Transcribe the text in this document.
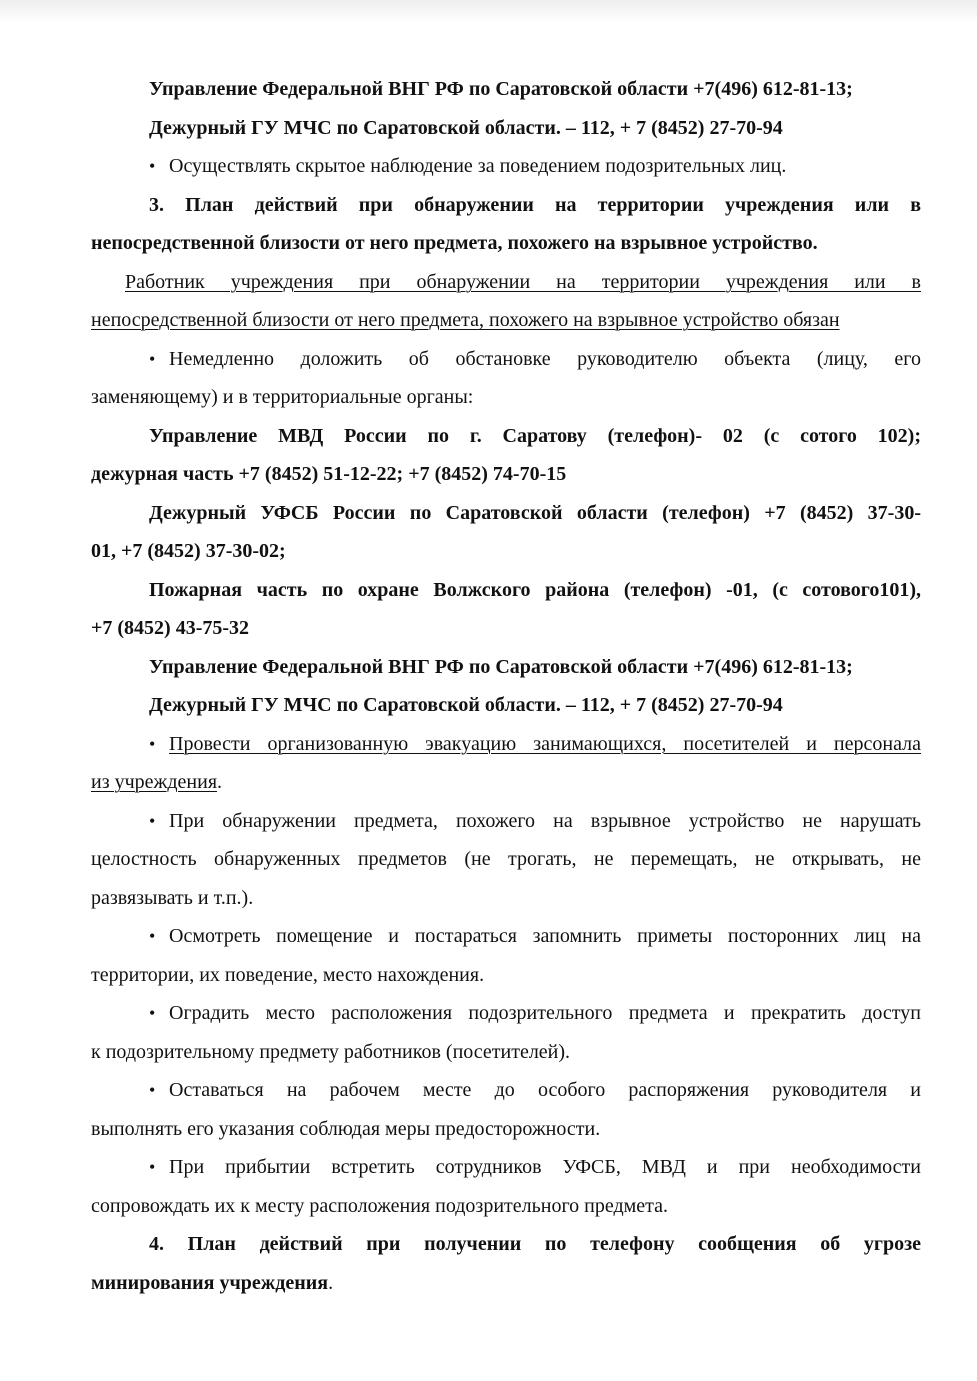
Управление Федеральной ВНГ РФ по Саратовской области +7(496) 612-81-13;
Дежурный ГУ МЧС по Саратовской области. – 112, + 7 (8452) 27-70-94
• Осуществлять скрытое наблюдение за поведением подозрительных лиц.
3. План действий при обнаружении на территории учреждения или в
непосредственной близости от него предмета, похожего на взрывное устройство.
Работник учреждения при обнаружении на территории учреждения или в
непосредственной близости от него предмета, похожего на взрывное устройство обязан
• Немедленно доложить об обстановке руководителю объекта (лицу, его
заменяющему) и в территориальные органы:
Управление МВД России по г. Саратову (телефон)- 02 (с сотого 102);
дежурная часть +7 (8452) 51-12-22; +7 (8452) 74-70-15
Дежурный УФСБ России по Саратовской области (телефон) +7 (8452) 37-30-
01, +7 (8452) 37-30-02;
Пожарная часть по охране Волжского района (телефон) -01, (с сотового101),
+7 (8452) 43-75-32
Управление Федеральной ВНГ РФ по Саратовской области +7(496) 612-81-13;
Дежурный ГУ МЧС по Саратовской области. – 112, + 7 (8452) 27-70-94
• Провести организованную эвакуацию занимающихся, посетителей и персонала
из учреждения.
• При обнаружении предмета, похожего на взрывное устройство не нарушать
целостность обнаруженных предметов (не трогать, не перемещать, не открывать, не
развязывать и т.п.).
• Осмотреть помещение и постараться запомнить приметы посторонних лиц на
территории, их поведение, место нахождения.
• Оградить место расположения подозрительного предмета и прекратить доступ
к подозрительному предмету работников (посетителей).
• Оставаться на рабочем месте до особого распоряжения руководителя и
выполнять его указания соблюдая меры предосторожности.
• При прибытии встретить сотрудников УФСБ, МВД и при необходимости
сопровождать их к месту расположения подозрительного предмета.
4. План действий при получении по телефону сообщения об угрозе
минирования учреждения.
